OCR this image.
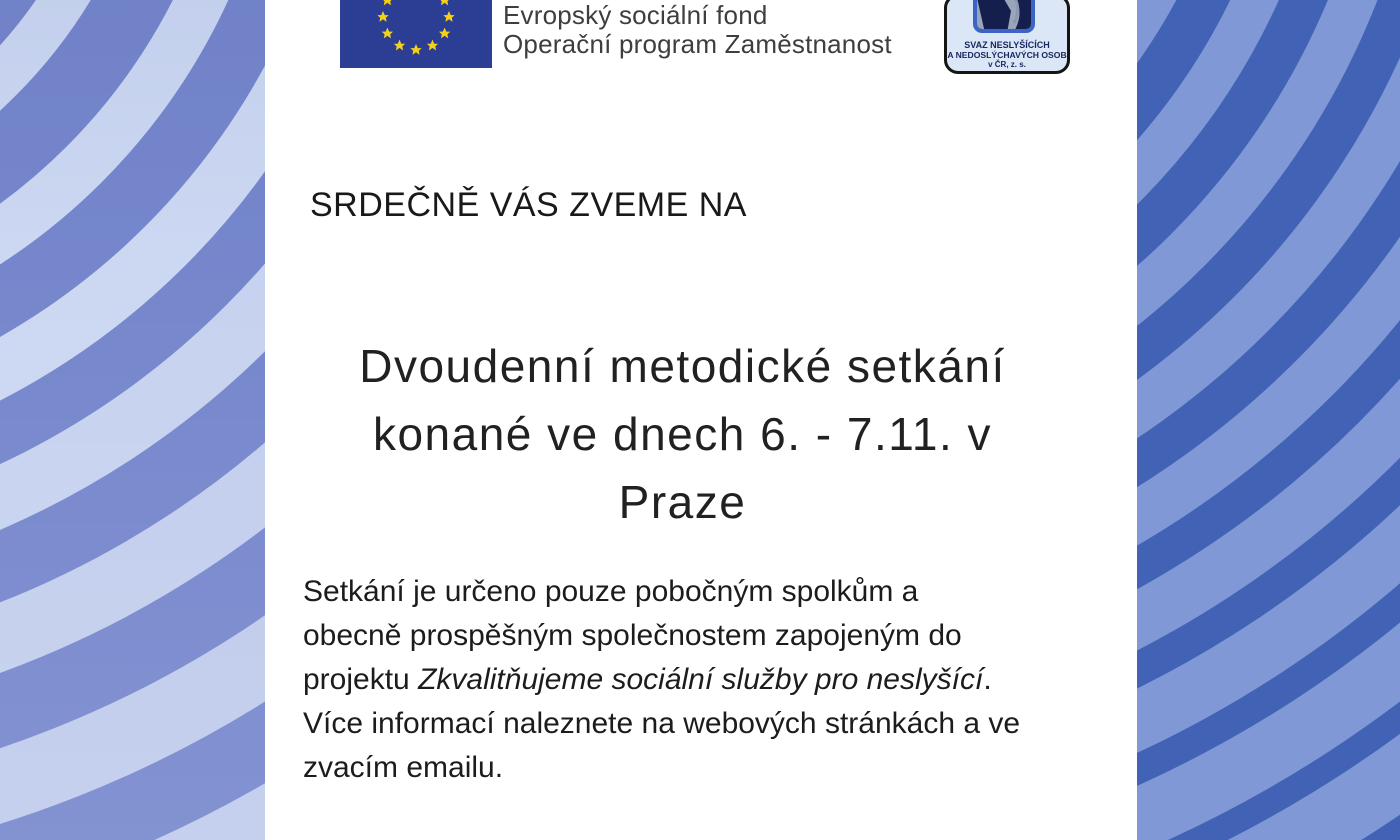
Evropský sociální fond
Operační program Zaměstnanost	SVAZ NESLYŠÍCÍCH
A NEDOSLÝCHAVÝCH OSOB
v ČR, z. s.
SRDEČNĚ VÁS ZVEME NA
Dvoudenní metodické setkání
konané ve dnech 6. - 7.11. v
Praze
Setkání je určeno pouze pobočným spolkům a
obecně prospěšným společnostem zapojeným do
projektu Zkvalitňujeme sociální služby pro neslyšící.
Více informací naleznete na webových stránkách a ve
zvacím emailu.
